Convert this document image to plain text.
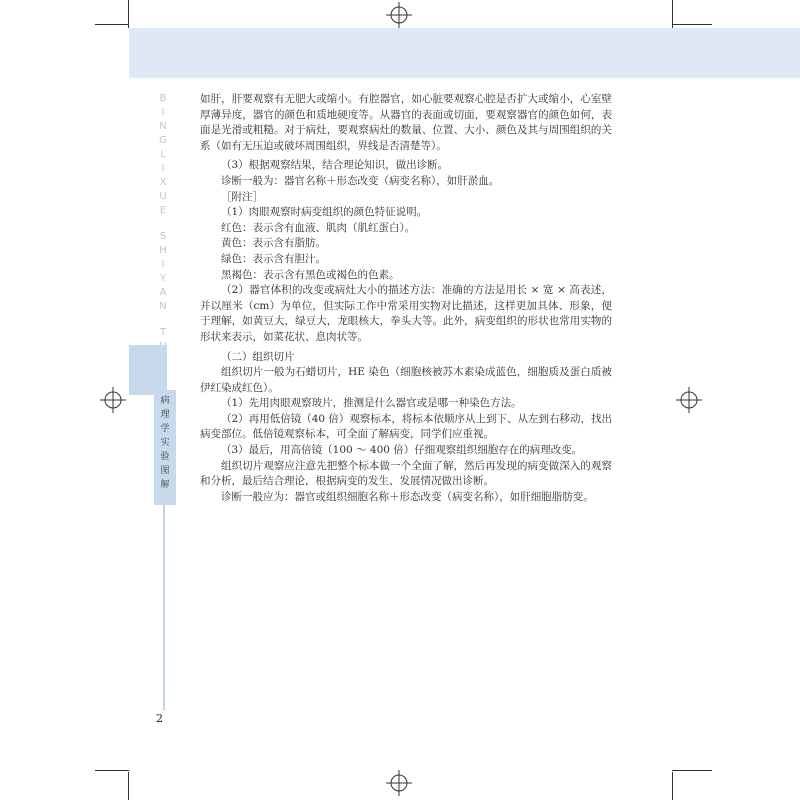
B
I
N
G
L
I
X
U
E
S
H
I
Y
A
N
T
病
理
学
实
验
图
解
2

如肝，肝要观察有无肥大或缩小。有腔器官，如心脏要观察心腔是否扩大或缩小，心室壁厚薄异度，器官的颜色和质地硬度等。从器官的表面或切面，要观察器官的颜色如何，表面是光滑或粗糙。对于病灶，要观察病灶的数量、位置、大小、颜色及其与周围组织的关系（如有无压迫或破坏周围组织，界线是否清楚等）。

（3）根据观察结果，结合理论知识，做出诊断。

诊断一般为：器官名称＋形态改变（病变名称），如肝淤血。

［附注］

（1）肉眼观察时病变组织的颜色特征说明。

红色：表示含有血液、肌肉（肌红蛋白）。

黄色：表示含有脂肪。

绿色：表示含有胆汁。

黑褐色：表示含有黑色或褐色的色素。

（2）器官体积的改变或病灶大小的描述方法：准确的方法是用长 × 宽 × 高表述，并以厘米（cm）为单位，但实际工作中常采用实物对比描述，这样更加具体、形象，便于理解，如黄豆大，绿豆大，龙眼核大，拳头大等。此外，病变组织的形状也常用实物的形状来表示，如菜花状、息肉状等。

（二）组织切片

组织切片一般为石蜡切片，HE 染色（细胞核被苏木素染成蓝色，细胞质及蛋白质被伊红染成红色）。

（1）先用肉眼观察玻片，推测是什么器官或是哪一种染色方法。

（2）再用低倍镜（40 倍）观察标本，将标本依顺序从上到下、从左到右移动，找出病变部位。低倍镜观察标本，可全面了解病变，同学们应重视。

（3）最后，用高倍镜（100 ～ 400 倍）仔细观察组织细胞存在的病理改变。

组织切片观察应注意先把整个标本做一个全面了解，然后再发现的病变做深入的观察和分析，最后结合理论，根据病变的发生、发展情况做出诊断。

诊断一般应为：器官或组织细胞名称＋形态改变（病变名称），如肝细胞脂肪变。
